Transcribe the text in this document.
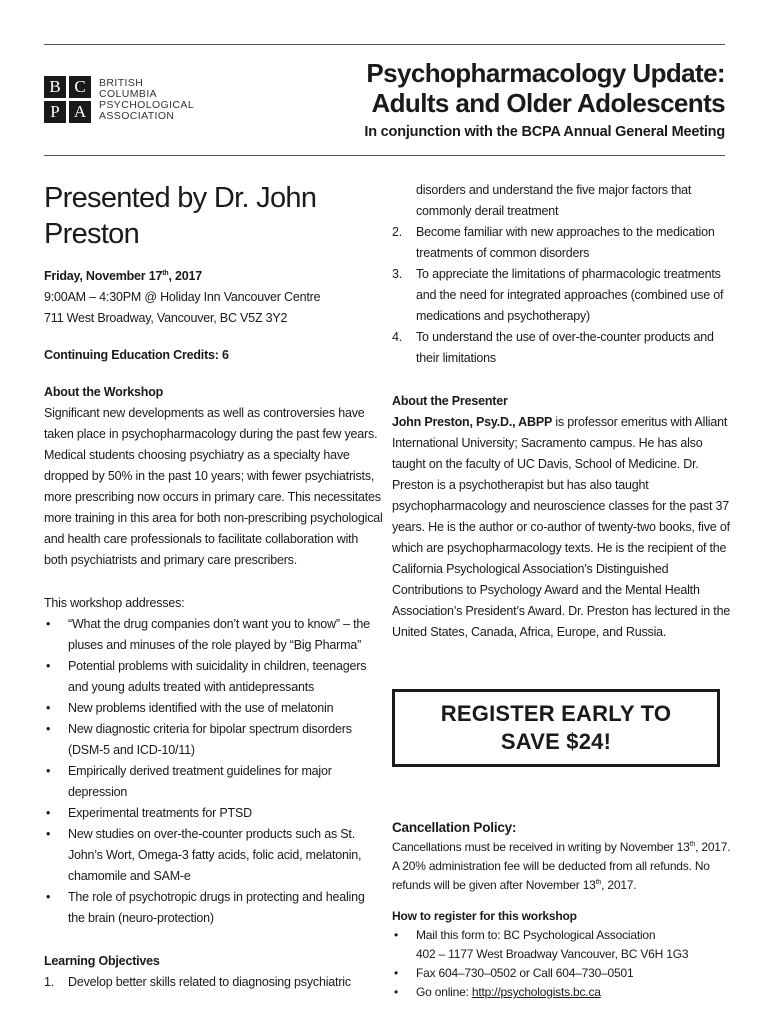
B C
P A
BRITISH
COLUMBIA
PSYCHOLOGICAL
ASSOCIATION
Psychopharmacology Update:
Adults and Older Adolescents
In conjunction with the BCPA Annual General Meeting
Presented by Dr. John Preston
Friday, November 17th, 2017
9:00AM – 4:30PM @ Holiday Inn Vancouver Centre
711 West Broadway, Vancouver, BC V5Z 3Y2
Continuing Education Credits: 6
About the Workshop
Significant new developments as well as controversies have taken place in psychopharmacology during the past few years. Medical students choosing psychiatry as a specialty have dropped by 50% in the past 10 years; with fewer psychiatrists, more prescribing now occurs in primary care. This necessitates more training in this area for both non-prescribing psychological and health care professionals to facilitate collaboration with both psychiatrists and primary care prescribers.
This workshop addresses:
• “What the drug companies don’t want you to know” – the pluses and minuses of the role played by “Big Pharma”
• Potential problems with suicidality in children, teenagers and young adults treated with antidepressants
• New problems identified with the use of melatonin
• New diagnostic criteria for bipolar spectrum disorders (DSM-5 and ICD-10/11)
• Empirically derived treatment guidelines for major depression
• Experimental treatments for PTSD
• New studies on over-the-counter products such as St. John’s Wort, Omega-3 fatty acids, folic acid, melatonin, chamomile and SAM-e
• The role of psychotropic drugs in protecting and healing the brain (neuro-protection)
Learning Objectives
1. Develop better skills related to diagnosing psychiatric
disorders and understand the five major factors that commonly derail treatment
2. Become familiar with new approaches to the medication treatments of common disorders
3. To appreciate the limitations of pharmacologic treatments and the need for integrated approaches (combined use of medications and psychotherapy)
4. To understand the use of over-the-counter products and their limitations
About the Presenter
John Preston, Psy.D., ABPP is professor emeritus with Alliant International University; Sacramento campus. He has also taught on the faculty of UC Davis, School of Medicine. Dr. Preston is a psychotherapist but has also taught psychopharmacology and neuroscience classes for the past 37 years. He is the author or co-author of twenty-two books, five of which are psychopharmacology texts. He is the recipient of the California Psychological Association’s Distinguished Contributions to Psychology Award and the Mental Health Association’s President’s Award. Dr. Preston has lectured in the United States, Canada, Africa, Europe, and Russia.
REGISTER EARLY TO
SAVE $24!
Cancellation Policy:
Cancellations must be received in writing by November 13th, 2017. A 20% administration fee will be deducted from all refunds. No refunds will be given after November 13th, 2017.
How to register for this workshop
• Mail this form to: BC Psychological Association
402 – 1177 West Broadway Vancouver, BC V6H 1G3
• Fax 604–730–0502 or Call 604–730–0501
• Go online: http://psychologists.bc.ca
